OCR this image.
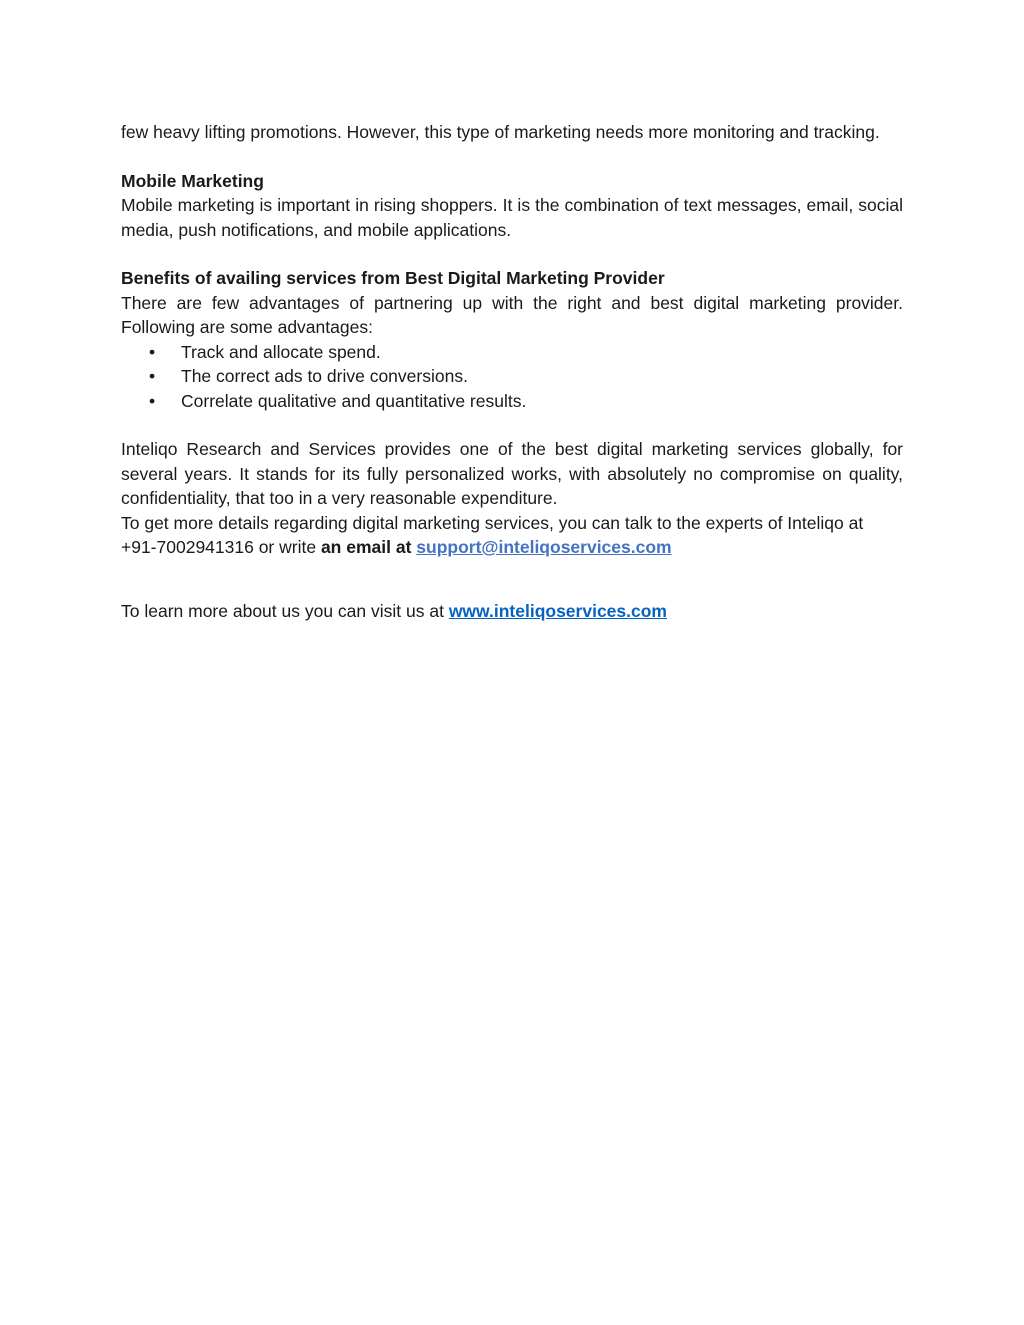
few heavy lifting promotions. However, this type of marketing needs more monitoring and tracking.

Mobile Marketing

Mobile marketing is important in rising shoppers. It is the combination of text messages, email, social media, push notifications, and mobile applications.

Benefits of availing services from Best Digital Marketing Provider

There are few advantages of partnering up with the right and best digital marketing provider. Following are some advantages:

• Track and allocate spend.
• The correct ads to drive conversions.
• Correlate qualitative and quantitative results.

Inteliqo Research and Services provides one of the best digital marketing services globally, for several years. It stands for its fully personalized works, with absolutely no compromise on quality, confidentiality, that too in a very reasonable expenditure.

To get more details regarding digital marketing services, you can talk to the experts of Inteliqo at +91-7002941316 or write an email at support@inteliqoservices.com

To learn more about us you can visit us at www.inteliqoservices.com
